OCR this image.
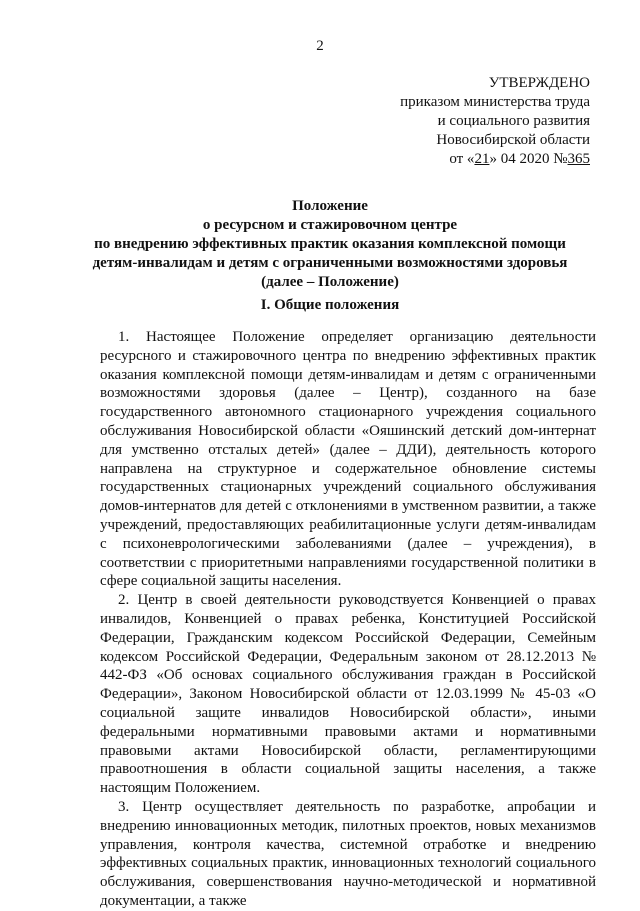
2
УТВЕРЖДЕНО
приказом министерства труда
и социального развития
Новосибирской области
от «21» 04 2020 №365
Положение
о ресурсном и стажировочном центре
по внедрению эффективных практик оказания комплексной помощи
детям-инвалидам и детям с ограниченными возможностями здоровья
(далее – Положение)
I. Общие положения

1. Настоящее Положение определяет организацию деятельности ресурсного и стажировочного центра по внедрению эффективных практик оказания комплексной помощи детям-инвалидам и детям с ограниченными возможностями здоровья (далее – Центр), созданного на базе государственного автономного стационарного учреждения социального обслуживания Новосибирской области «Ояшинский детский дом-интернат для умственно отсталых детей» (далее – ДДИ), деятельность которого направлена на структурное и содержательное обновление системы государственных стационарных учреждений социального обслуживания домов-интернатов для детей с отклонениями в умственном развитии, а также учреждений, предоставляющих реабилитационные услуги детям-инвалидам с психоневрологическими заболеваниями (далее – учреждения), в соответствии с приоритетными направлениями государственной политики в сфере социальной защиты населения.

2. Центр в своей деятельности руководствуется Конвенцией о правах инвалидов, Конвенцией о правах ребенка, Конституцией Российской Федерации, Гражданским кодексом Российской Федерации, Семейным кодексом Российской Федерации, Федеральным законом от 28.12.2013 № 442-ФЗ «Об основах социального обслуживания граждан в Российской Федерации», Законом Новосибирской области от 12.03.1999 № 45-03 «О социальной защите инвалидов Новосибирской области», иными федеральными нормативными правовыми актами и нормативными правовыми актами Новосибирской области, регламентирующими правоотношения в области социальной защиты населения, а также настоящим Положением.

3. Центр осуществляет деятельность по разработке, апробации и внедрению инновационных методик, пилотных проектов, новых механизмов управления, контроля качества, системной отработке и внедрению эффективных социальных практик, инновационных технологий социального обслуживания, совершенствования научно-методической и нормативной документации, а также
